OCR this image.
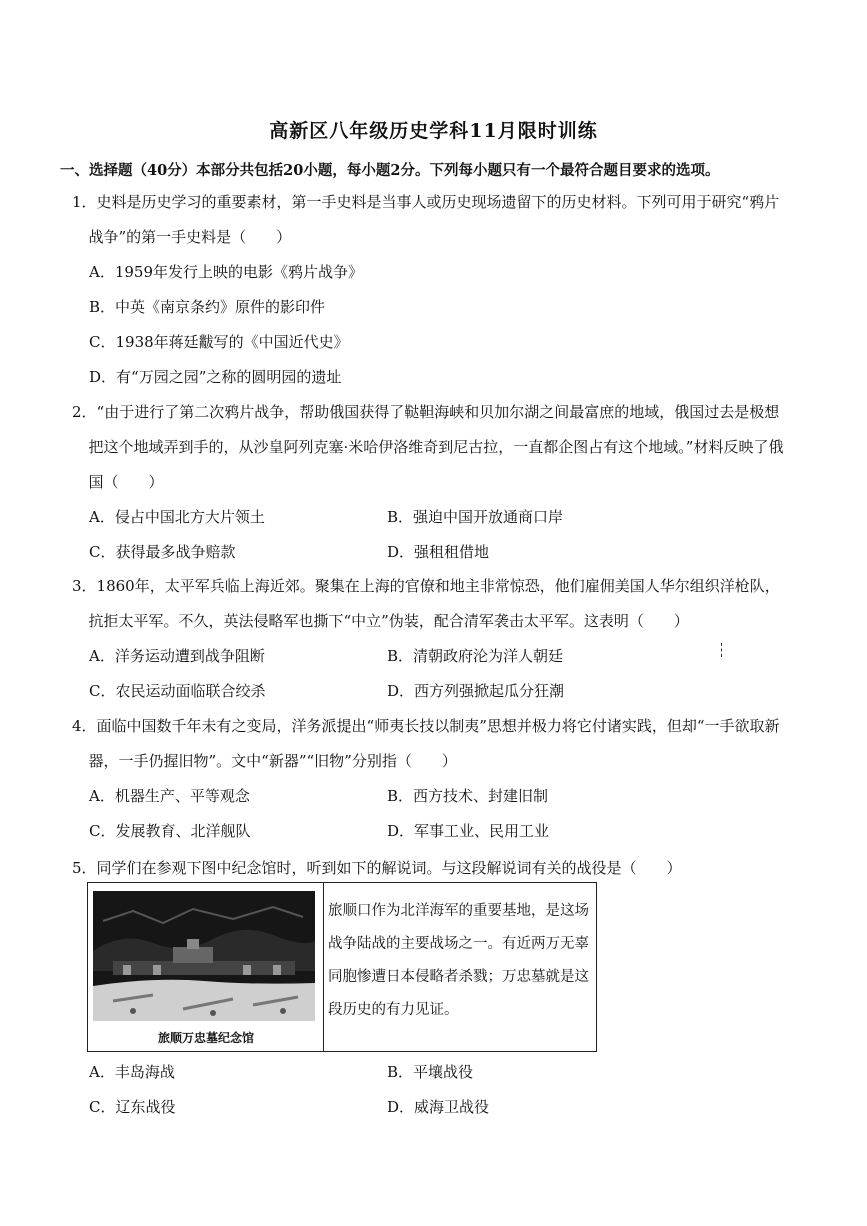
高新区八年级历史学科11月限时训练
一、选择题（40分）本部分共包括20小题，每小题2分。下列每小题只有一个最符合题目要求的选项。
1．史料是历史学习的重要素材，第一手史料是当事人或历史现场遗留下的历史材料。下列可用于研究“鸦片战争”的第一手史料是（　　）
A．1959年发行上映的电影《鸦片战争》
B．中英《南京条约》原件的影印件
C．1938年蒋廷黻写的《中国近代史》
D．有“万园之园”之称的圆明园的遗址
2．“由于进行了第二次鸦片战争，帮助俄国获得了鞑靼海峡和贝加尔湖之间最富庶的地域，俄国过去是极想把这个地域弄到手的，从沙皇阿列克塞·米哈伊洛维奇到尼古拉，一直都企图占有这个地域。”材料反映了俄国（　　）
A．侵占中国北方大片领土	B．强迫中国开放通商口岸
C．获得最多战争赔款	D．强租租借地
3．1860年，太平军兵临上海近郊。聚集在上海的官僚和地主非常惊恐，他们雇佣美国人华尔组织洋枪队，抗拒太平军。不久，英法侵略军也撕下“中立”伪装，配合清军袭击太平军。这表明（　　）
A．洋务运动遭到战争阻断	B．清朝政府沦为洋人朝廷
C．农民运动面临联合绞杀	D．西方列强掀起瓜分狂潮
4．面临中国数千年未有之变局，洋务派提出“师夷长技以制夷”思想并极力将它付诸实践，但却“一手欲取新器，一手仍握旧物”。文中“新器”“旧物”分别指（　　）
A．机器生产、平等观念	B．西方技术、封建旧制
C．发展教育、北洋舰队	D．军事工业、民用工业
5．同学们在参观下图中纪念馆时，听到如下的解说词。与这段解说词有关的战役是（　　）
旅顺万忠墓纪念馆
旅顺口作为北洋海军的重要基地，是这场战争陆战的主要战场之一。有近两万无辜同胞惨遭日本侵略者杀戮；万忠墓就是这段历史的有力见证。
A．丰岛海战	B．平壤战役
C．辽东战役	D．威海卫战役
